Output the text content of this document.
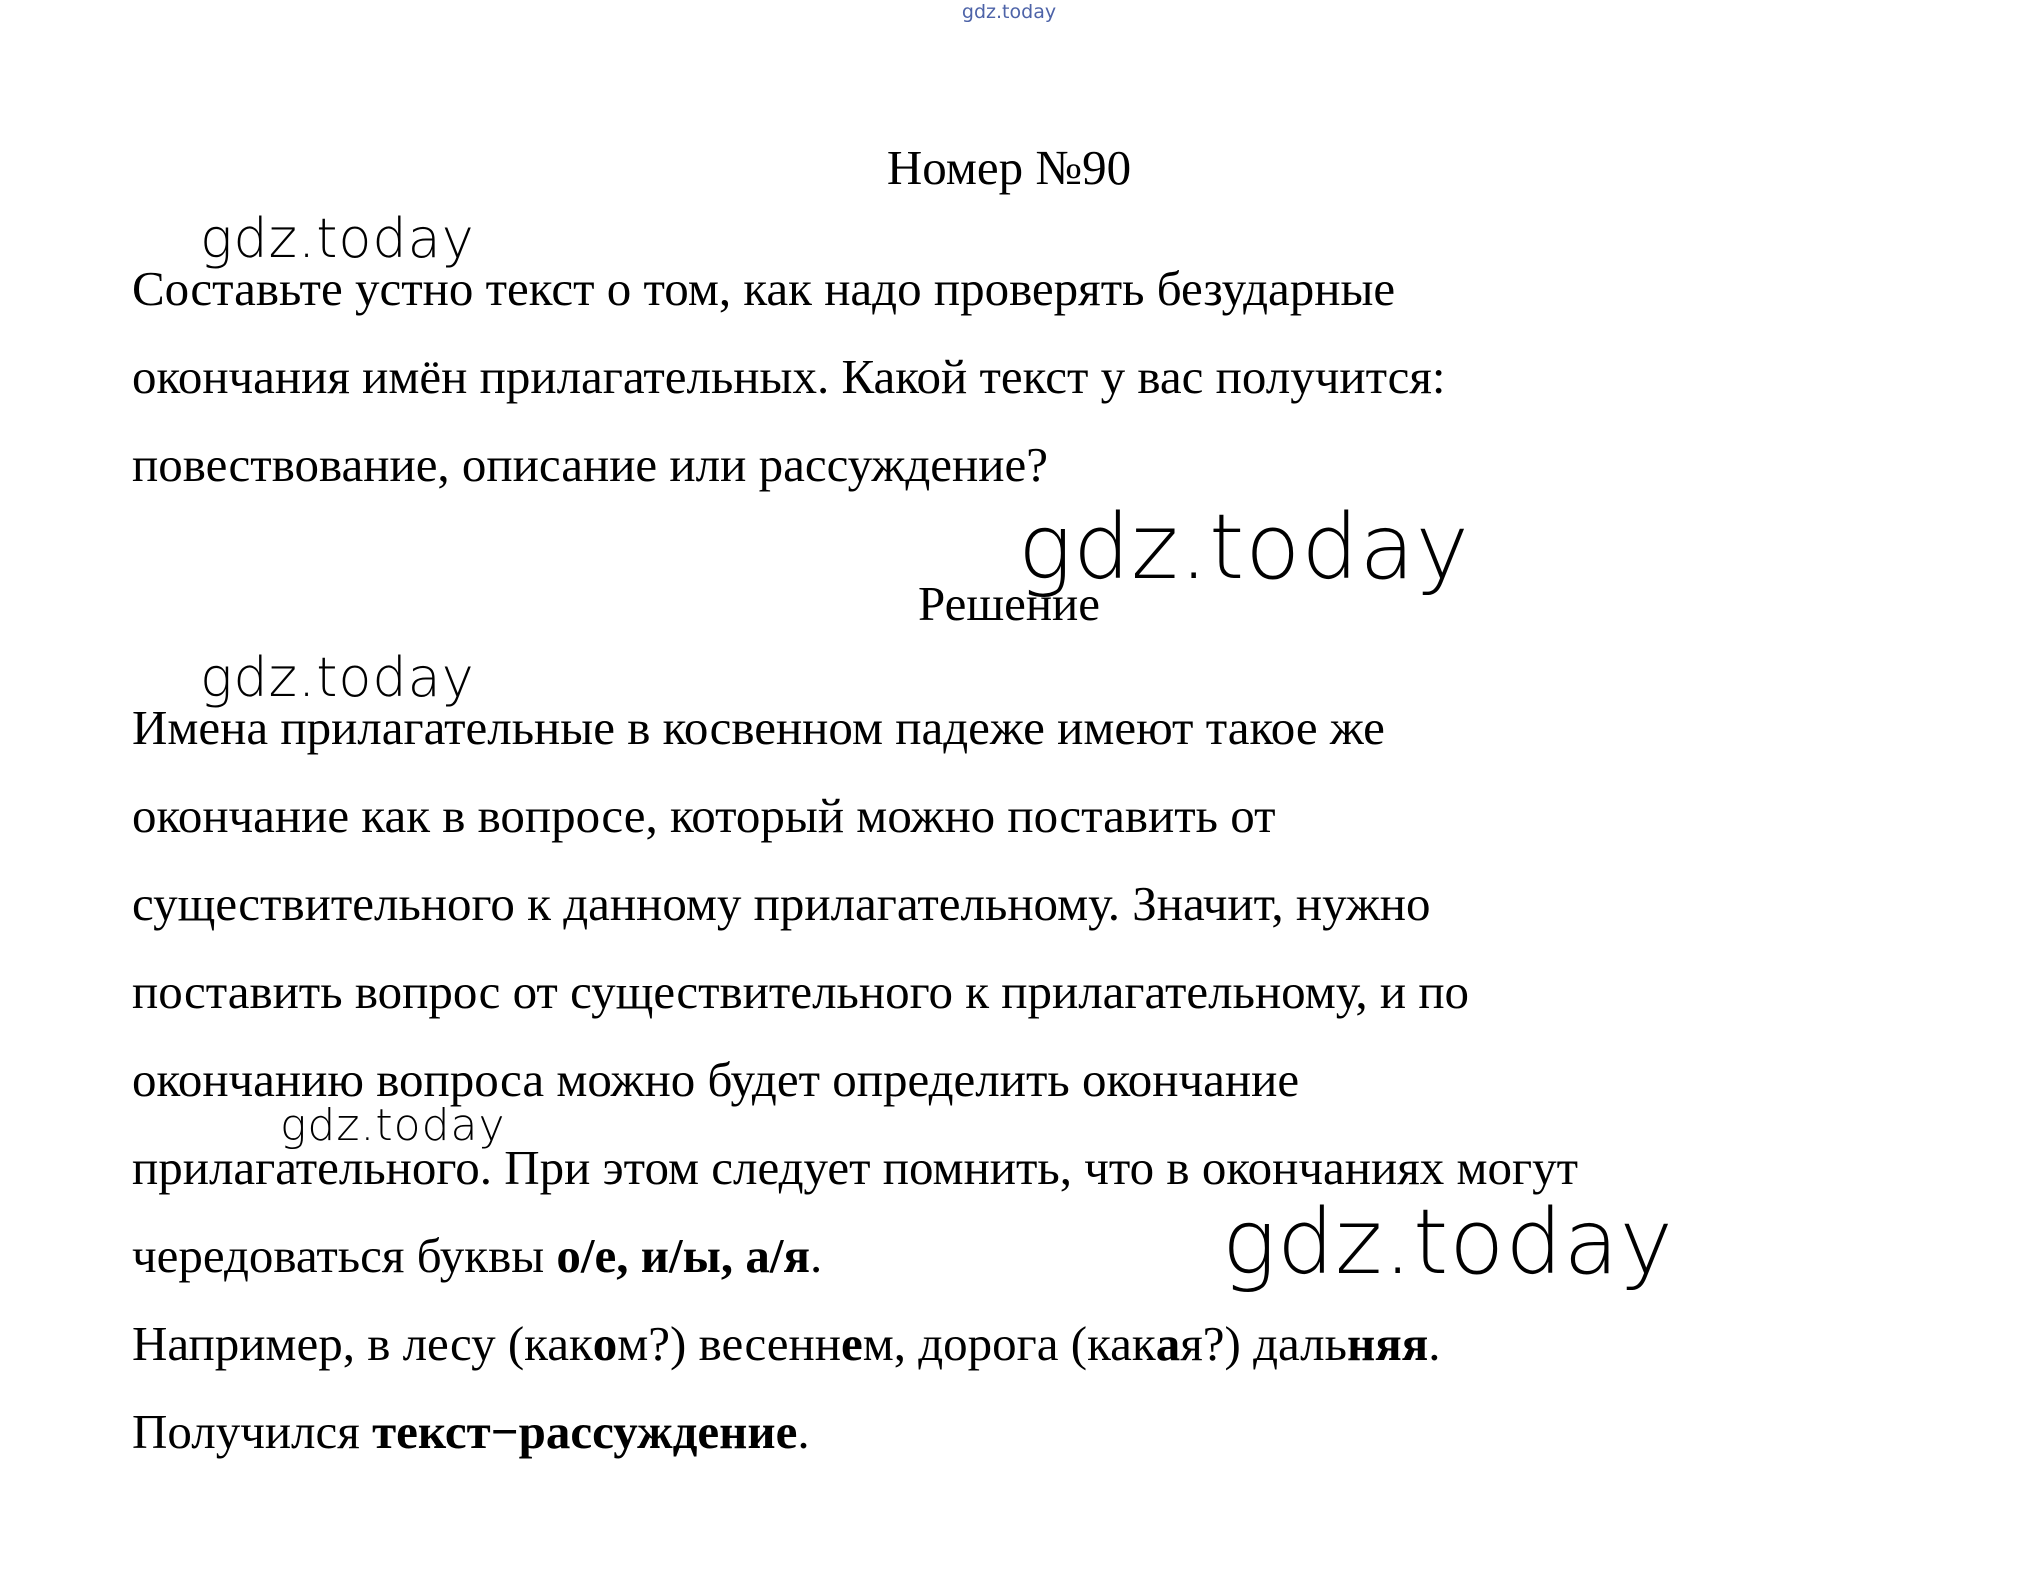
gdz.today
Номер №90
Составьте устно текст о том, как надо проверять безударные
окончания имён прилагательных. Какой текст у вас получится:
повествование, описание или рассуждение?
Решение
Имена прилагательные в косвенном падеже имеют такое же
окончание как в вопросе, который можно поставить от
существительного к данному прилагательному. Значит, нужно
поставить вопрос от существительного к прилагательному, и по
окончанию вопроса можно будет определить окончание
прилагательного. При этом следует помнить, что в окончаниях могут
чередоваться буквы о/е, и/ы, а/я.
Например, в лесу (каком?) весеннем, дорога (какая?) дальняя.
Получился текст−рассуждение.
gdz.today
gdz.today
gdz.today
gdz.today
gdz.today
